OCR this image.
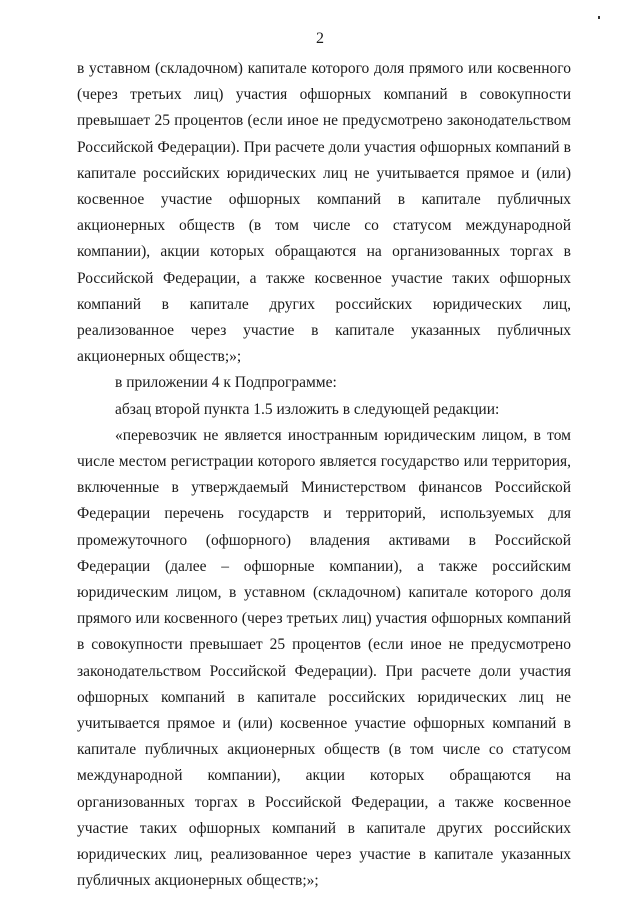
2

в уставном (складочном) капитале которого доля прямого или косвенного (через третьих лиц) участия офшорных компаний в совокупности превышает 25 процентов (если иное не предусмотрено законодательством Российской Федерации). При расчете доли участия офшорных компаний в капитале российских юридических лиц не учитывается прямое и (или) косвенное участие офшорных компаний в капитале публичных акционерных обществ (в том числе со статусом международной компании), акции которых обращаются на организованных торгах в Российской Федерации, а также косвенное участие таких офшорных компаний в капитале других российских юридических лиц, реализованное через участие в капитале указанных публичных акционерных обществ;»;

в приложении 4 к Подпрограмме:

абзац второй пункта 1.5 изложить в следующей редакции:

«перевозчик не является иностранным юридическим лицом, в том числе местом регистрации которого является государство или территория, включенные в утверждаемый Министерством финансов Российской Федерации перечень государств и территорий, используемых для промежуточного (офшорного) владения активами в Российской Федерации (далее – офшорные компании), а также российским юридическим лицом, в уставном (складочном) капитале которого доля прямого или косвенного (через третьих лиц) участия офшорных компаний в совокупности превышает 25 процентов (если иное не предусмотрено законодательством Российской Федерации). При расчете доли участия офшорных компаний в капитале российских юридических лиц не учитывается прямое и (или) косвенное участие офшорных компаний в капитале публичных акционерных обществ (в том числе со статусом международной компании), акции которых обращаются на организованных торгах в Российской Федерации, а также косвенное участие таких офшорных компаний в капитале других российских юридических лиц, реализованное через участие в капитале указанных публичных акционерных обществ;»;
